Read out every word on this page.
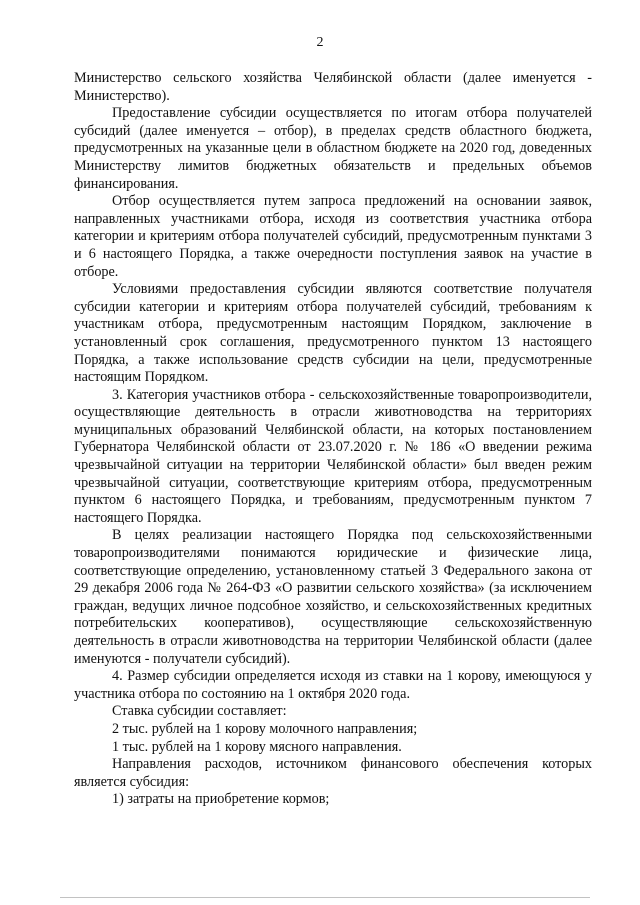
2

Министерство сельского хозяйства Челябинской области (далее именуется - Министерство).

Предоставление субсидии осуществляется по итогам отбора получателей субсидий (далее именуется – отбор), в пределах средств областного бюджета, предусмотренных на указанные цели в областном бюджете на 2020 год, доведенных Министерству лимитов бюджетных обязательств и предельных объемов финансирования.

Отбор осуществляется путем запроса предложений на основании заявок, направленных участниками отбора, исходя из соответствия участника отбора категории и критериям отбора получателей субсидий, предусмотренным пунктами 3 и 6 настоящего Порядка, а также очередности поступления заявок на участие в отборе.

Условиями предоставления субсидии являются соответствие получателя субсидии категории и критериям отбора получателей субсидий, требованиям к участникам отбора, предусмотренным настоящим Порядком, заключение в установленный срок соглашения, предусмотренного пунктом 13 настоящего Порядка, а также использование средств субсидии на цели, предусмотренные настоящим Порядком.

3. Категория участников отбора - сельскохозяйственные товаропроизводители, осуществляющие деятельность в отрасли животноводства на территориях муниципальных образований Челябинской области, на которых постановлением Губернатора Челябинской области от 23.07.2020 г. № 186 «О введении режима чрезвычайной ситуации на территории Челябинской области» был введен режим чрезвычайной ситуации, соответствующие критериям отбора, предусмотренным пунктом 6 настоящего Порядка, и требованиям, предусмотренным пунктом 7 настоящего Порядка.

В целях реализации настоящего Порядка под сельскохозяйственными товаропроизводителями понимаются юридические и физические лица, соответствующие определению, установленному статьей 3 Федерального закона от 29 декабря 2006 года № 264-ФЗ «О развитии сельского хозяйства» (за исключением граждан, ведущих личное подсобное хозяйство, и сельскохозяйственных кредитных потребительских кооперативов), осуществляющие сельскохозяйственную деятельность в отрасли животноводства на территории Челябинской области (далее именуются - получатели субсидий).

4. Размер субсидии определяется исходя из ставки на 1 корову, имеющуюся у участника отбора по состоянию на 1 октября 2020 года.

Ставка субсидии составляет:

2 тыс. рублей на 1 корову молочного направления;

1 тыс. рублей на 1 корову мясного направления.

Направления расходов, источником финансового обеспечения которых является субсидия:

1) затраты на приобретение кормов;
